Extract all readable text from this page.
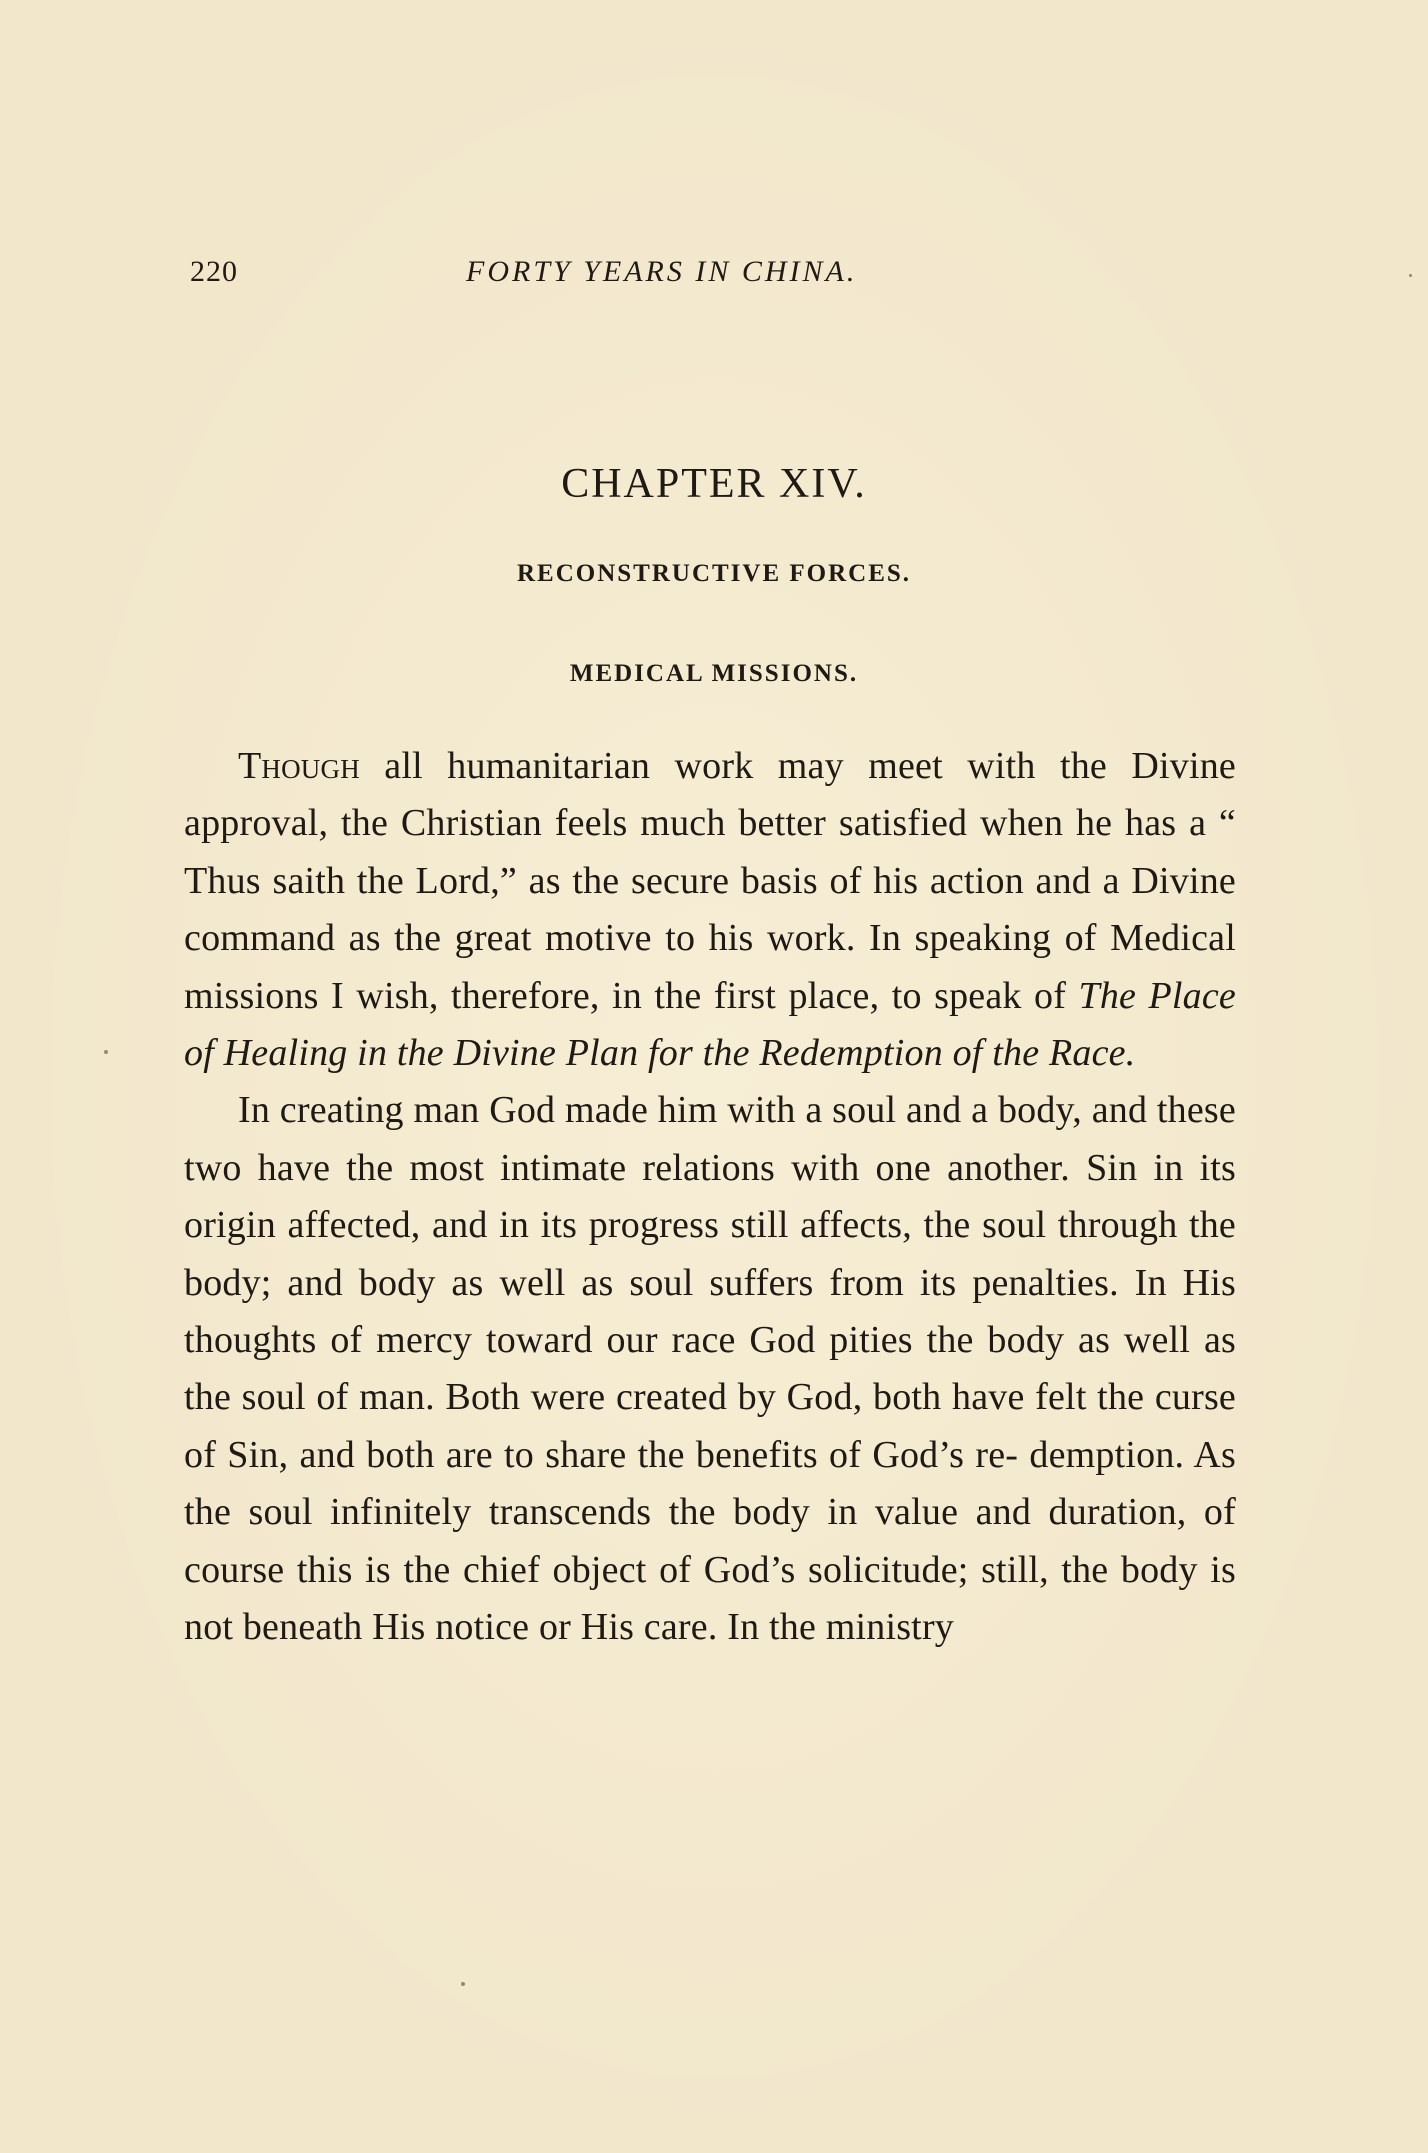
220	FORTY YEARS IN CHINA.
CHAPTER XIV.
RECONSTRUCTIVE FORCES.
MEDICAL MISSIONS.

Though all humanitarian work may meet with the Divine approval, the Christian feels much better satisfied when he has a “ Thus saith the Lord,” as the secure basis of his action and a Divine command as the great motive to his work. In speaking of Medical missions I wish, therefore, in the first place, to speak of The Place of Healing in the Divine Plan for the Redemption of the Race.

In creating man God made him with a soul and a body, and these two have the most intimate relations with one another. Sin in its origin affected, and in its progress still affects, the soul through the body; and body as well as soul suffers from its penalties. In His thoughts of mercy toward our race God pities the body as well as the soul of man. Both were created by God, both have felt the curse of Sin, and both are to share the benefits of God’s re- demption. As the soul infinitely transcends the body in value and duration, of course this is the chief object of God’s solicitude; still, the body is not beneath His notice or His care. In the ministry
